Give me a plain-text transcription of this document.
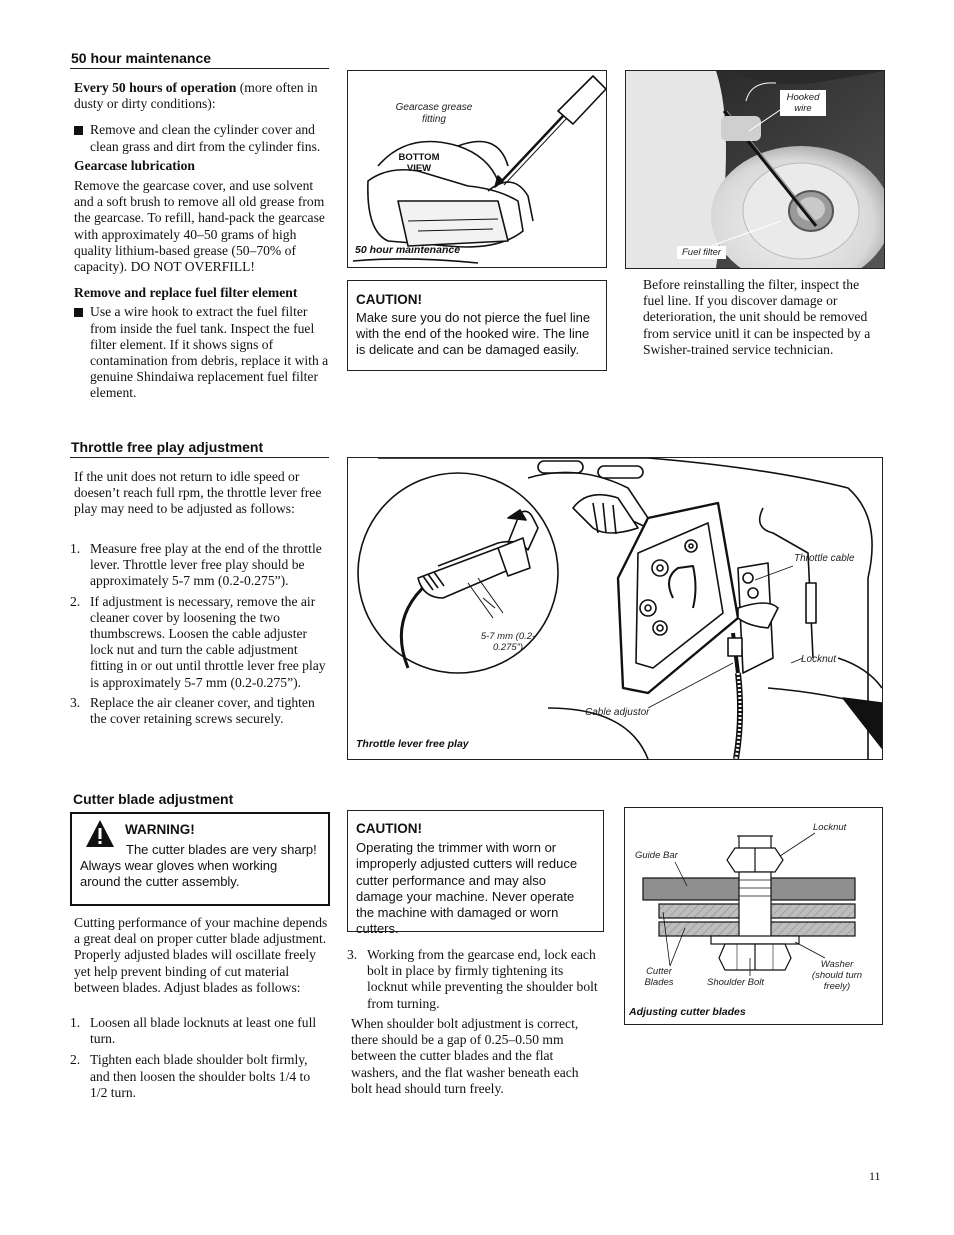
50 hour maintenance

Every 50 hours of operation (more often in dusty or dirty conditions):

Remove and clean the cylinder cover and clean grass and dirt from the cylinder fins.

Gearcase lubrication

Remove the gearcase cover, and use solvent and a soft brush to remove all old grease from the gearcase. To refill, hand-pack the gearcase with approximately 40–50 grams of high quality lithium-based grease (50–70% of capacity). DO NOT OVERFILL!

Remove and replace fuel filter element

Use a wire hook to extract the fuel filter from inside the fuel tank. Inspect the fuel filter element. If it shows signs of contamination from debris, replace it with a genuine Shindaiwa replacement fuel filter element.

Gearcase grease fitting
BOTTOM VIEW
50 hour maintenance
CAUTION!
Make sure you do not pierce the fuel line with the end of the hooked wire. The line is delicate and can be damaged easily.
Hooked wire
Fuel filter
Before reinstalling the filter, inspect the fuel line. If you discover damage or deterioration, the unit should be removed from service unitl it can be inspected by a Swisher-trained service technician.
Throttle free play adjustment

If the unit does not return to idle speed or doesen’t reach full rpm, the throttle lever free play may need to be adjusted as follows:

1. Measure free play at the end of the throttle lever. Throttle lever free play should be approximately 5-7 mm (0.2-0.275”).

2. If adjustment is necessary, remove the air cleaner cover by loosening the two thumbscrews. Loosen the cable adjuster lock nut and turn the cable adjustment fitting in or out until throttle lever free play is approximately 5-7 mm (0.2-0.275”).

3. Replace the air cleaner cover, and tighten the cover retaining screws securely.

5-7 mm (0.2-0.275”)
Throttle cable
Locknut
Cable adjustor
Throttle lever free play
Cutter blade adjustment
WARNING!
The cutter blades are very sharp! Always wear gloves when working around the cutter assembly.
Cutting performance of your machine depends a great deal on proper cutter blade adjustment. Properly adjusted blades will oscillate freely yet help prevent binding of cut material between blades. Adjust blades as follows:

1. Loosen all blade locknuts at least one full turn.

2. Tighten each blade shoulder bolt firmly, and then loosen the shoulder bolts 1/4 to 1/2 turn.

CAUTION!
Operating the trimmer with worn or improperly adjusted cutters will reduce cutter performance and may also damage your machine. Never operate the machine with damaged or worn cutters.

3. Working from the gearcase end, lock each bolt in place by firmly tightening its locknut while preventing the shoulder bolt from turning.

When shoulder bolt adjustment is correct, there should be a gap of 0.25–0.50 mm between the cutter blades and the flat washers, and the flat washer beneath each bolt head should turn freely.
Locknut
Guide Bar
Cutter Blades	Shoulder Bolt
Washer (should turn freely)
Adjusting cutter blades
11
